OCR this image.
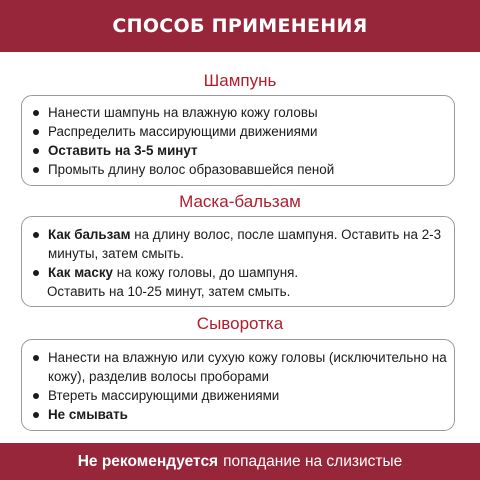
СПОСОБ ПРИМЕНЕНИЯ
Шампунь
Нанести шампунь на влажную кожу головы
Распределить массирующими движениями
Оставить на 3-5 минут
Промыть длину волос образовавшейся пеной
Маска-бальзам
Как бальзам на длину волос, после шампуня. Оставить на 2-3 минуты, затем смыть.
Как маску на кожу головы, до шампуня.
Оставить на 10-25 минут, затем смыть.
Сыворотка
Нанести на влажную или сухую кожу головы (исключительно на кожу), разделив волосы проборами
Втереть массирующими движениями
Не смывать
Не рекомендуется попадание на слизистые
